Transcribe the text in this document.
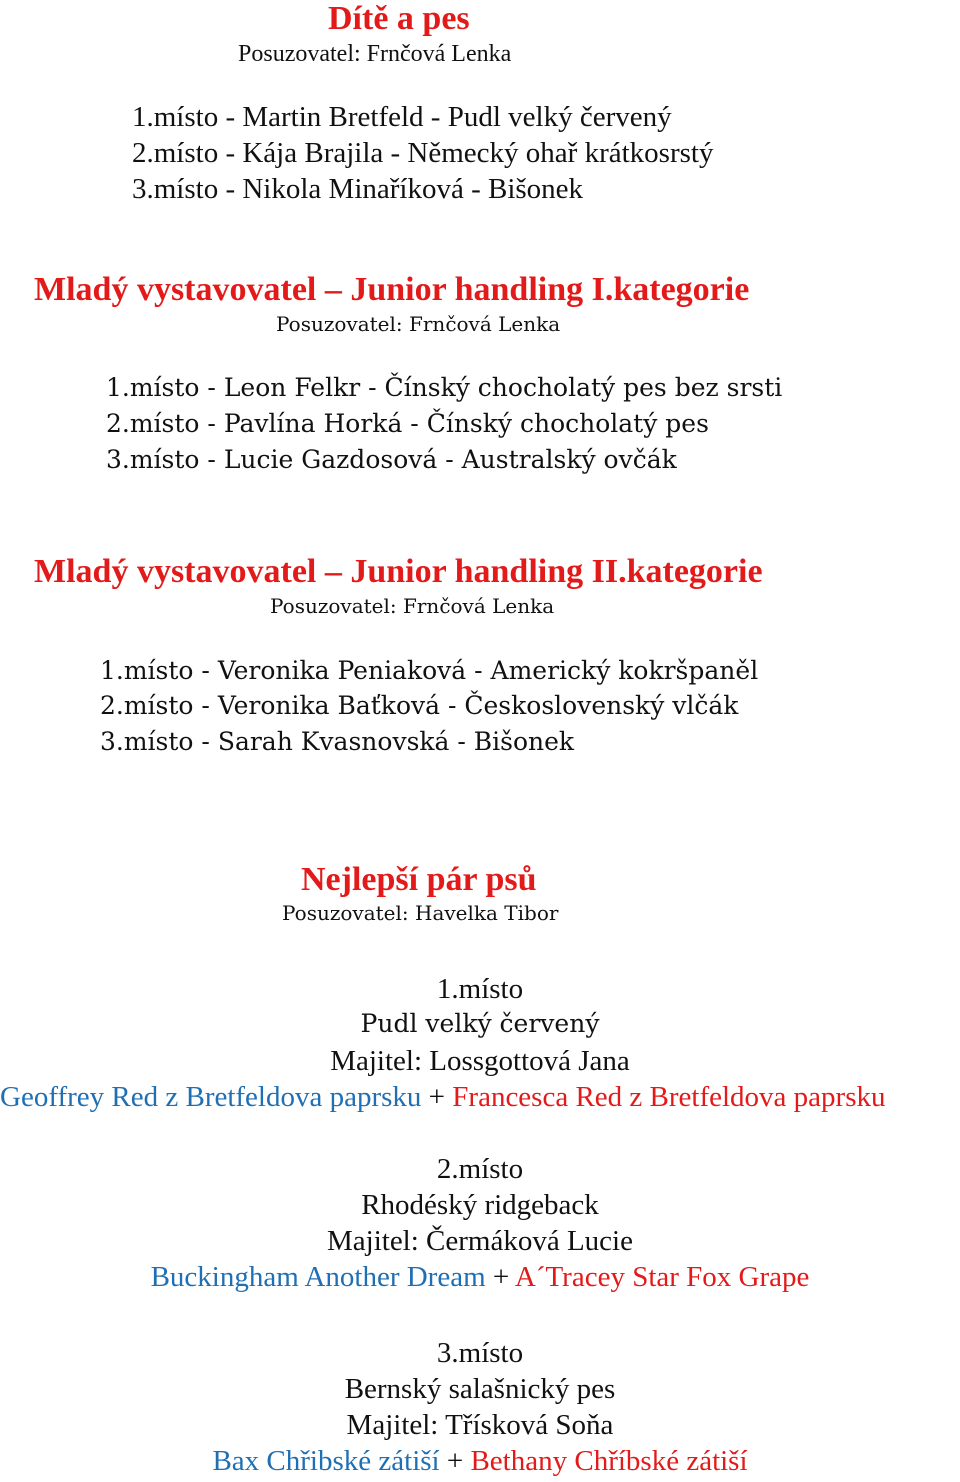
Dítě a pes
Posuzovatel: Frnčová Lenka
1.místo - Martin Bretfeld - Pudl velký červený
2.místo - Kája Brajila - Německý ohař krátkosrstý
3.místo - Nikola Minaříková - Bišonek
Mladý vystavovatel – Junior handling I.kategorie
Posuzovatel: Frnčová Lenka
1.místo - Leon Felkr - Čínský chocholatý pes bez srsti
2.místo - Pavlína Horká - Čínský chocholatý pes
3.místo - Lucie Gazdosová - Australský ovčák
Mladý vystavovatel – Junior handling II.kategorie
Posuzovatel: Frnčová Lenka
1.místo - Veronika Peniaková - Americký kokršpaněl
2.místo - Veronika Baťková - Československý vlčák
3.místo - Sarah Kvasnovská - Bišonek
Nejlepší pár psů
Posuzovatel: Havelka Tibor
1.místo
Pudl velký červený
Majitel: Lossgottová Jana
Geoffrey Red z Bretfeldova paprsku + Francesca Red z Bretfeldova paprsku
2.místo
Rhodéský ridgeback
Majitel: Čermáková Lucie
Buckingham Another Dream + A´Tracey Star Fox Grape
3.místo
Bernský salašnický pes
Majitel: Třísková Soňa
Bax Chřibské zátiší + Bethany Chříbské zátiší
